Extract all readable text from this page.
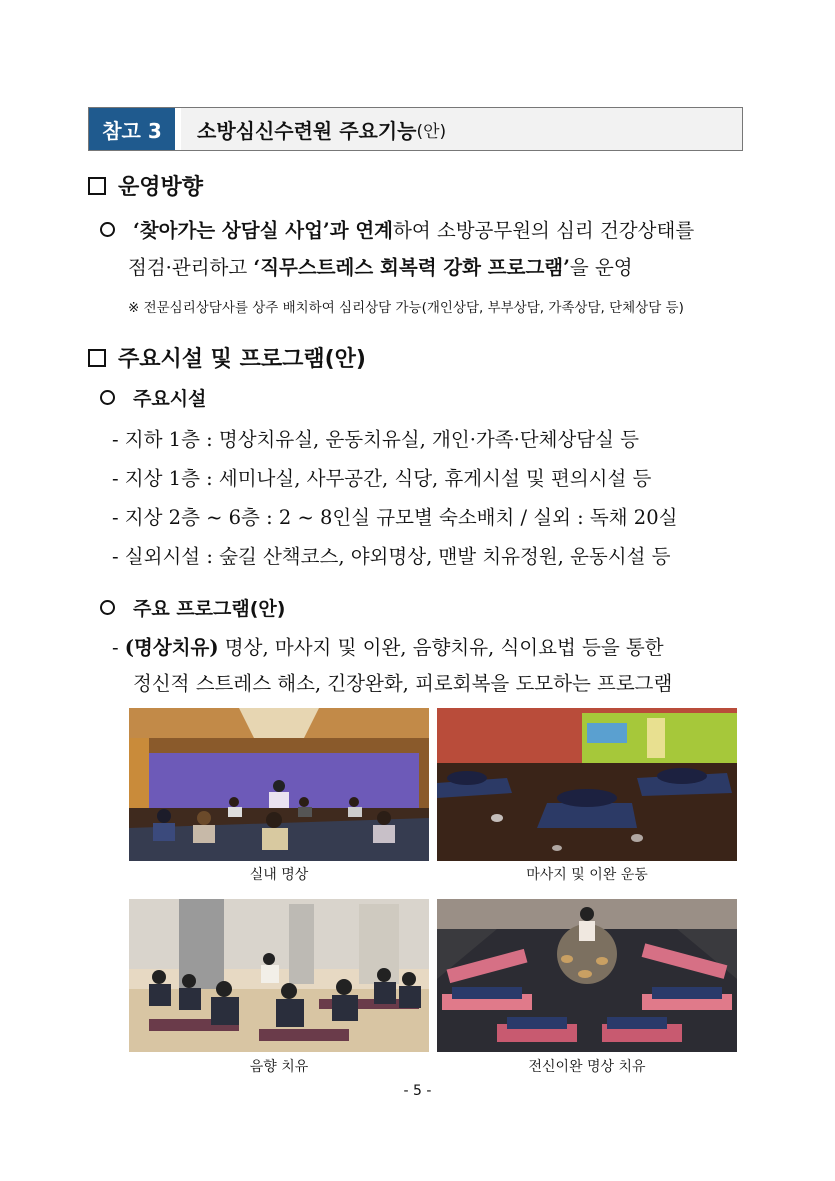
참고 3	소방심신수련원 주요기능 (안)
운영방향
‘찾아가는 상담실 사업’과 연계하여 소방공무원의 심리 건강상태를
점검·관리하고 ‘직무스트레스 회복력 강화 프로그램’을 운영
※ 전문심리상담사를 상주 배치하여 심리상담 가능(개인상담, 부부상담, 가족상담, 단체상담 등)
주요시설 및 프로그램(안)
주요시설
- 지하 1층 : 명상치유실, 운동치유실, 개인·가족·단체상담실 등
- 지상 1층 : 세미나실, 사무공간, 식당, 휴게시설 및 편의시설 등
- 지상 2층 ~ 6층 : 2 ~ 8인실 규모별 숙소배치 / 실외 : 독채 20실
- 실외시설 : 숲길 산책코스, 야외명상, 맨발 치유정원, 운동시설 등
주요 프로그램(안)
- (명상치유) 명상, 마사지 및 이완, 음향치유, 식이요법 등을 통한
정신적 스트레스 해소, 긴장완화, 피로회복을 도모하는 프로그램
실내 명상	마사지 및 이완 운동
음향 치유	전신이완 명상 치유
- 5 -
